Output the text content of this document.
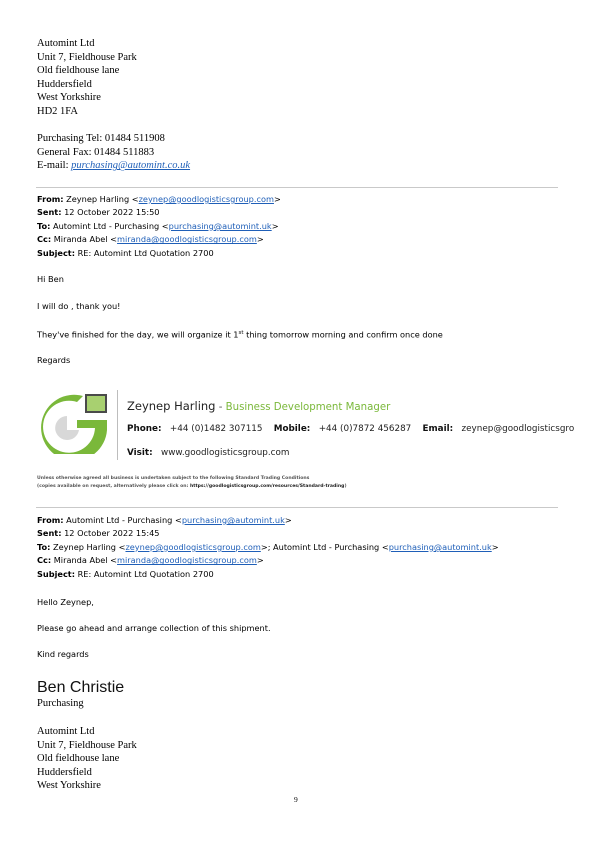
Automint Ltd
Unit 7, Fieldhouse Park
Old fieldhouse lane
Huddersfield
West Yorkshire
HD2 1FA
Purchasing Tel: 01484 511908
General Fax: 01484 511883
E-mail: purchasing@automint.co.uk
From: Zeynep Harling <zeynep@goodlogisticsgroup.com>
Sent: 12 October 2022 15:50
To: Automint Ltd - Purchasing <purchasing@automint.uk>
Cc: Miranda Abel <miranda@goodlogisticsgroup.com>
Subject: RE: Automint Ltd Quotation 2700
Hi Ben
I will do , thank you!
They've finished for the day, we will organize it 1st thing tomorrow morning and confirm once done
Regards
Zeynep Harling - Business Development Manager
Phone: +44 (0)1482 307115 Mobile: +44 (0)7872 456287 Email: zeynep@goodlogisticsgro
Visit: www.goodlogisticsgroup.com
Unless otherwise agreed all business is undertaken subject to the following Standard Trading Conditions
(copies available on request, alternatively please click on: https://goodlogisticsgroup.com/resources/Standard-trading)
From: Automint Ltd - Purchasing <purchasing@automint.uk>
Sent: 12 October 2022 15:45
To: Zeynep Harling <zeynep@goodlogisticsgroup.com>; Automint Ltd - Purchasing <purchasing@automint.uk>
Cc: Miranda Abel <miranda@goodlogisticsgroup.com>
Subject: RE: Automint Ltd Quotation 2700
Hello Zeynep,
Please go ahead and arrange collection of this shipment.
Kind regards
Ben Christie
Purchasing
Automint Ltd
Unit 7, Fieldhouse Park
Old fieldhouse lane
Huddersfield
West Yorkshire
9
